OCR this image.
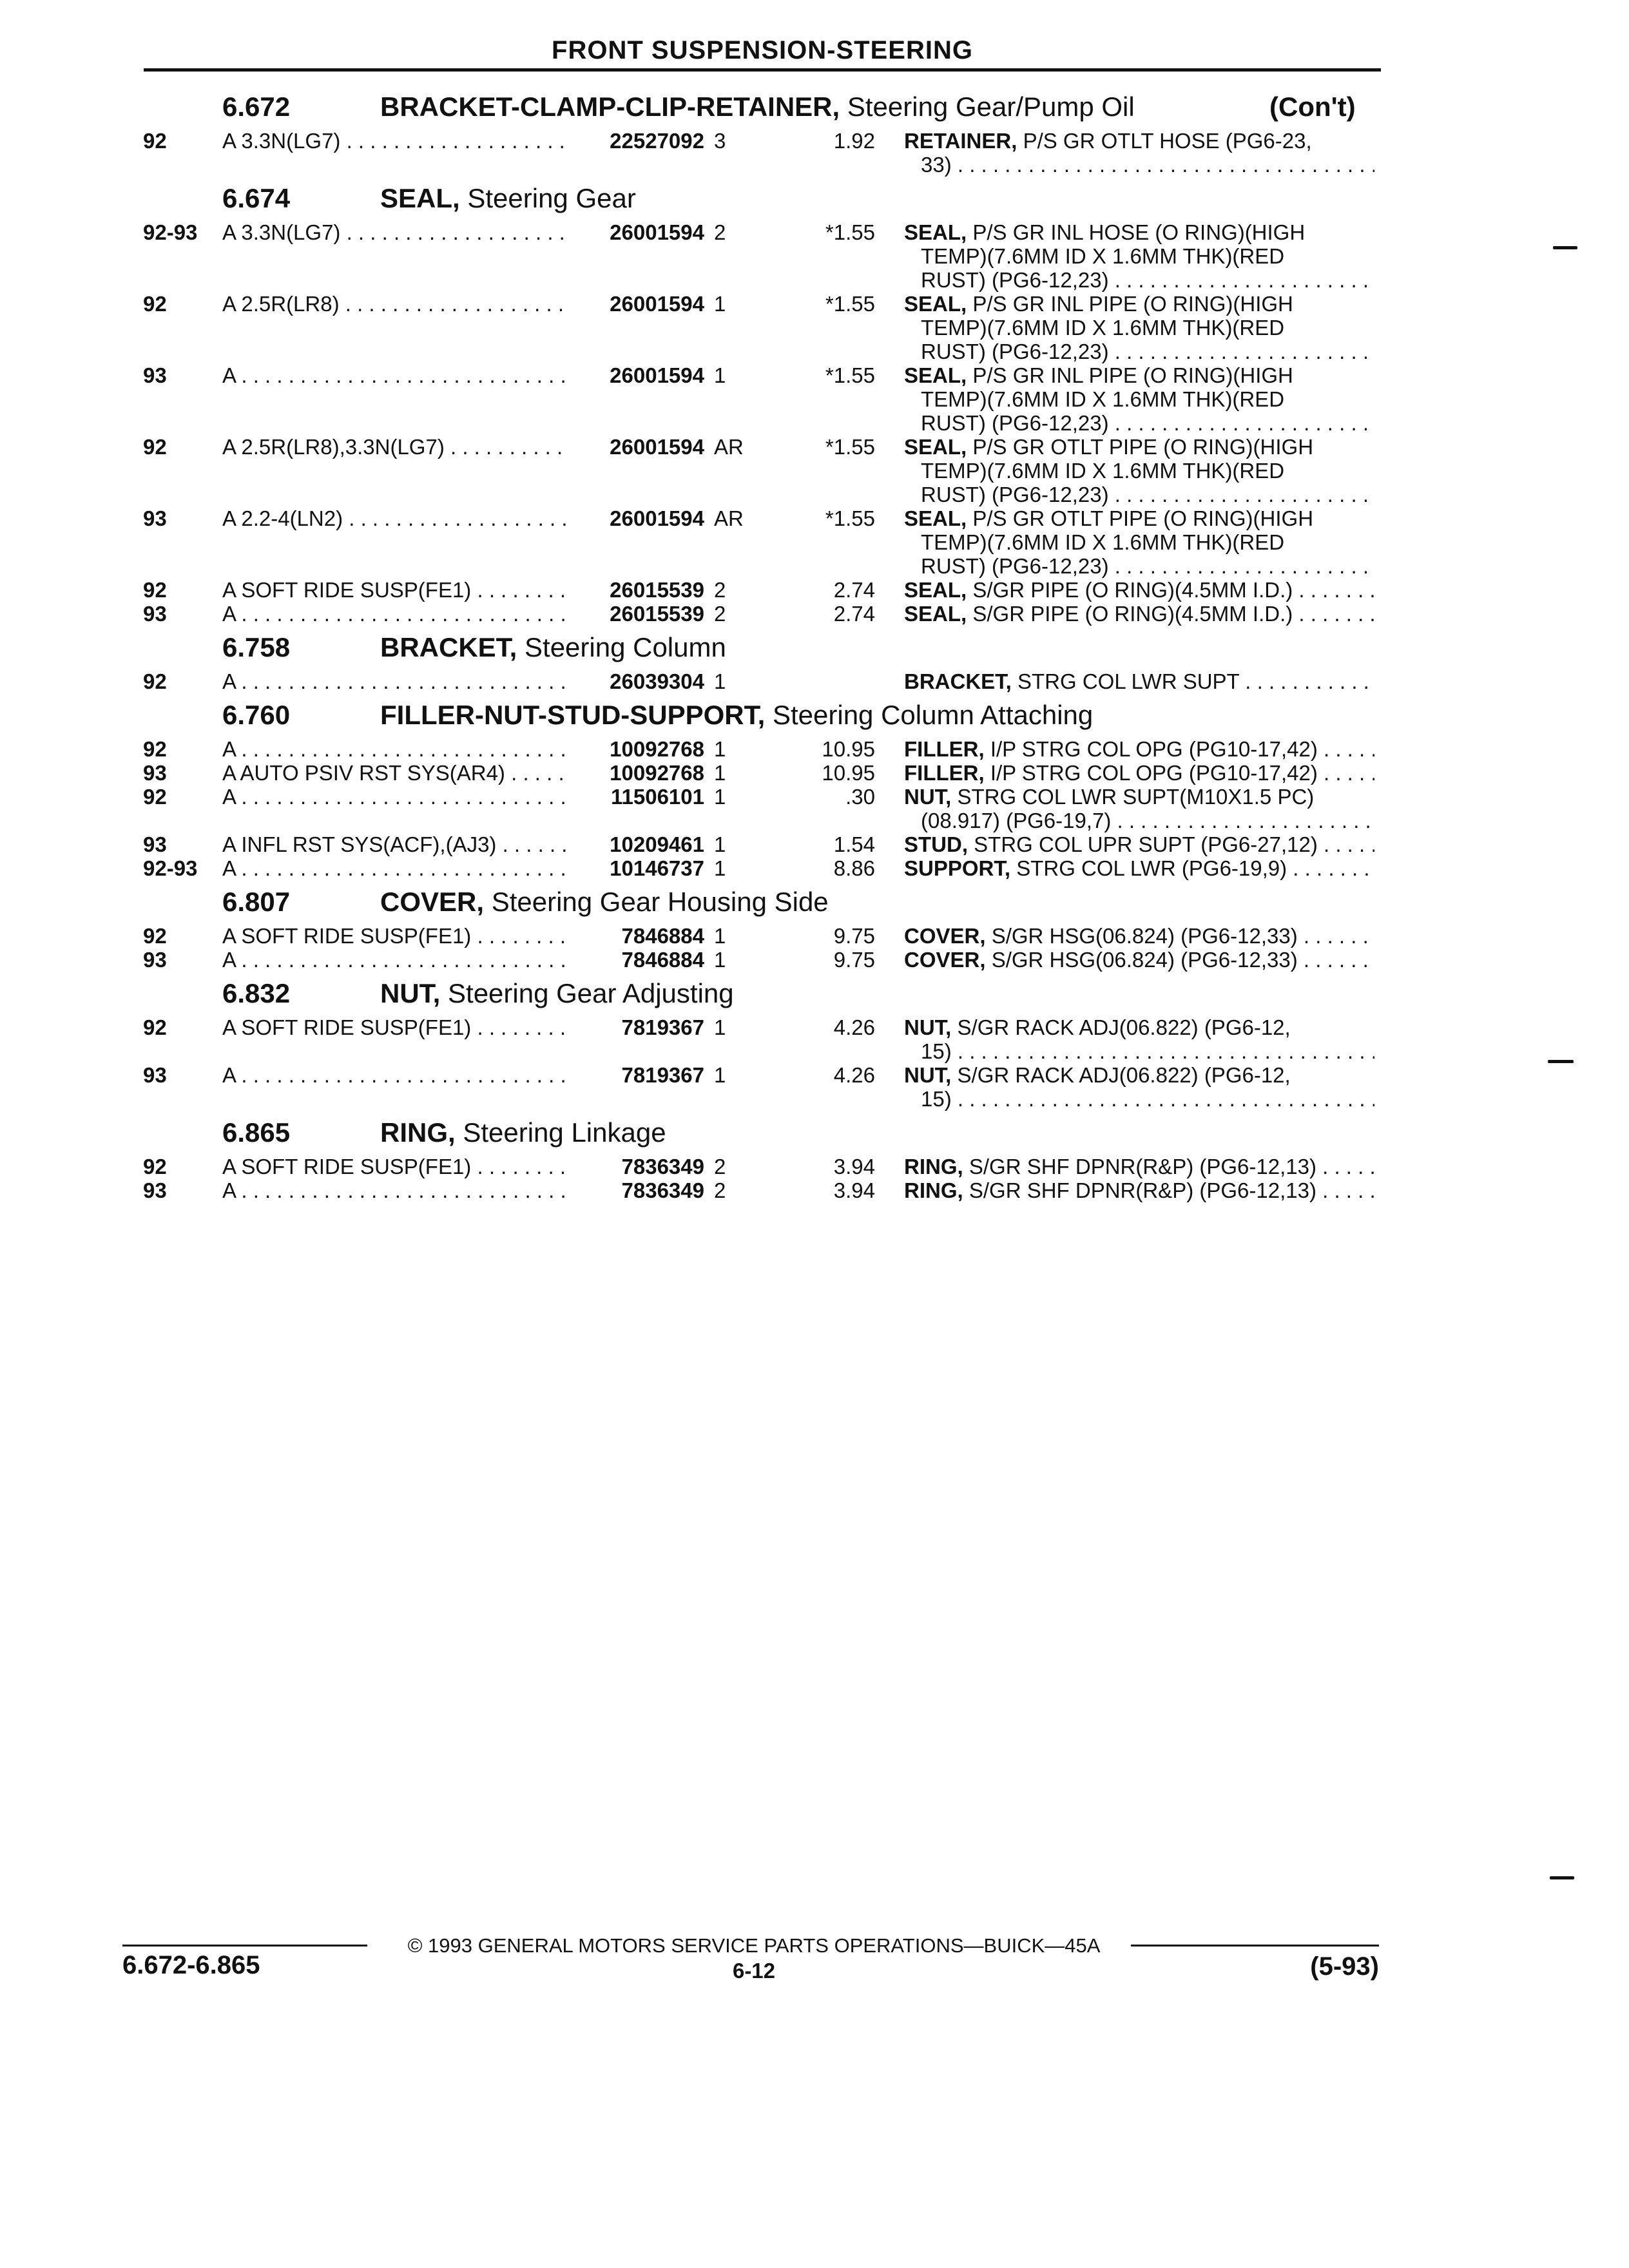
FRONT SUSPENSION-STEERING
6.672	BRACKET-CLAMP-CLIP-RETAINER, Steering Gear/Pump Oil	(Con't)
92	A 3.3N(LG7) . . .	22527092 3	1.92 RETAINER, P/S GR OTLT HOSE (PG6-23,
33) . . .
6.674	SEAL, Steering Gear
92-93 A 3.3N(LG7) . . .	26001594 2	*1.55 SEAL, P/S GR INL HOSE (O RING)(HIGH
TEMP)(7.6MM ID X 1.6MM THK)(RED
RUST) (PG6-12,23) . . .
92	A 2.5R(LR8) . . .	26001594 1	*1.55 SEAL, P/S GR INL PIPE (O RING)(HIGH
TEMP)(7.6MM ID X 1.6MM THK)(RED
RUST) (PG6-12,23) . . .
93	A . . .	26001594 1	*1.55 SEAL, P/S GR INL PIPE (O RING)(HIGH
TEMP)(7.6MM ID X 1.6MM THK)(RED
RUST) (PG6-12,23) . . .
92	A 2.5R(LR8),3.3N(LG7) . . .	26001594 AR	*1.55 SEAL, P/S GR OTLT PIPE (O RING)(HIGH
TEMP)(7.6MM ID X 1.6MM THK)(RED
RUST) (PG6-12,23) . . .
93	A 2.2-4(LN2) . . .	26001594 AR	*1.55 SEAL, P/S GR OTLT PIPE (O RING)(HIGH
TEMP)(7.6MM ID X 1.6MM THK)(RED
RUST) (PG6-12,23) . . .
92	A SOFT RIDE SUSP(FE1) . . .	26015539 2	2.74 SEAL, S/GR PIPE (O RING)(4.5MM I.D.) . . .
93	A . . .	26015539 2	2.74 SEAL, S/GR PIPE (O RING)(4.5MM I.D.) . . .
6.758	BRACKET, Steering Column
92	A . . .	26039304 1	BRACKET, STRG COL LWR SUPT . . .
6.760	FILLER-NUT-STUD-SUPPORT, Steering Column Attaching
92	A . . .	10092768 1	10.95 FILLER, I/P STRG COL OPG (PG10-17,42) . . .
93	A AUTO PSIV RST SYS(AR4) . . .	10092768 1	10.95 FILLER, I/P STRG COL OPG (PG10-17,42) . . .
92	A . . .	11506101 1	.30 NUT, STRG COL LWR SUPT(M10X1.5 PC)
(08.917) (PG6-19,7) . . .
93	A INFL RST SYS(ACF),(AJ3) . . .	10209461 1	1.54 STUD, STRG COL UPR SUPT (PG6-27,12) . . .
92-93 A . . .	10146737 1	8.86 SUPPORT, STRG COL LWR (PG6-19,9) . . .
6.807	COVER, Steering Gear Housing Side
92	A SOFT RIDE SUSP(FE1) . . .	7846884 1	9.75 COVER, S/GR HSG(06.824) (PG6-12,33) . . .
93	A . . .	7846884 1	9.75 COVER, S/GR HSG(06.824) (PG6-12,33) . . .
6.832	NUT, Steering Gear Adjusting
92	A SOFT RIDE SUSP(FE1) . . .	7819367 1	4.26 NUT, S/GR RACK ADJ(06.822) (PG6-12,
15) . . .
93	A . . .	7819367 1	4.26 NUT, S/GR RACK ADJ(06.822) (PG6-12,
15) . . .
6.865	RING, Steering Linkage
92	A SOFT RIDE SUSP(FE1) . . .	7836349 2	3.94 RING, S/GR SHF DPNR(R&P) (PG6-12,13) . . .
93	A . . .	7836349 2	3.94 RING, S/GR SHF DPNR(R&P) (PG6-12,13) . . .
6.672-6.865
© 1993 GENERAL MOTORS SERVICE PARTS OPERATIONS—BUICK—45A
6-12	(5-93)
